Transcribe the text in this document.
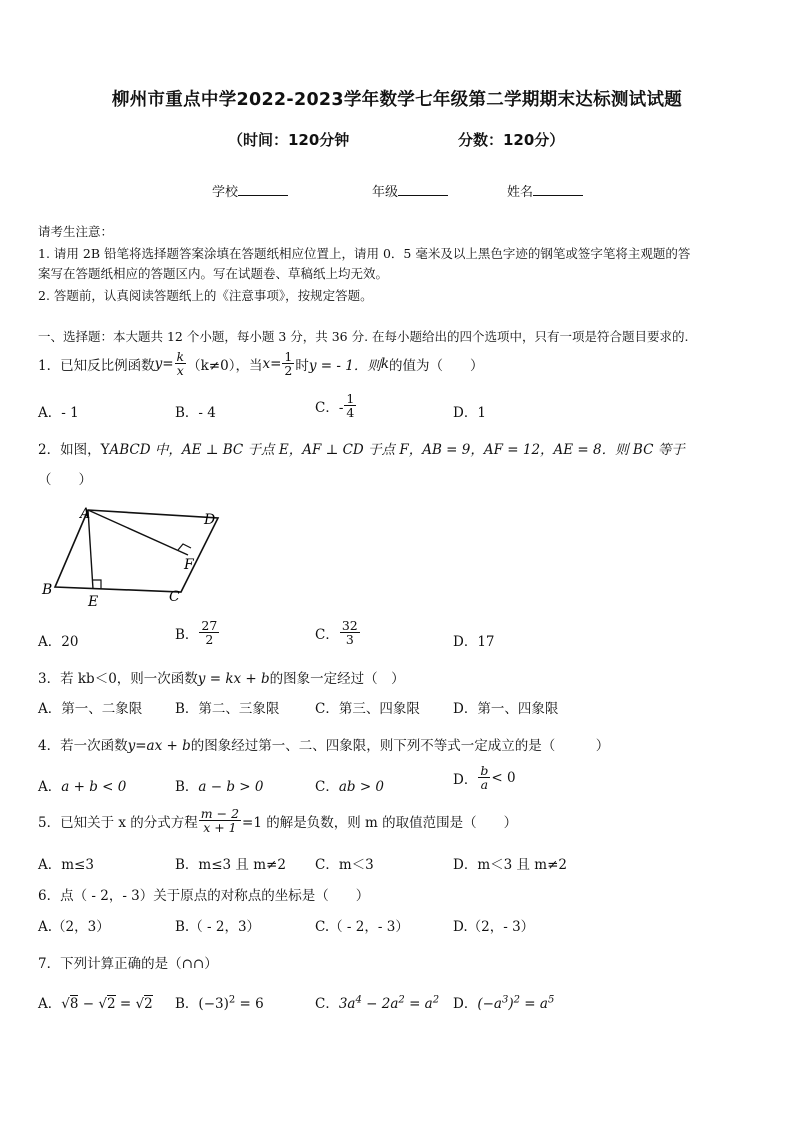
柳州市重点中学2022-2023学年数学七年级第二学期期末达标测试试题
（时间：120分钟	分数：120分）
学校	年级	姓名
请考生注意：
1. 请用 2B 铅笔将选择题答案涂填在答题纸相应位置上，请用 0．5 毫米及以上黑色字迹的钢笔或签字笔将主观题的答
案写在答题纸相应的答题区内。写在试题卷、草稿纸上均无效。
2. 答题前，认真阅读答题纸上的《注意事项》，按规定答题。
一、选择题：本大题共 12 个小题，每小题 3 分，共 36 分. 在每小题给出的四个选项中，只有一项是符合题目要求的.
1．已知反比例函数 $y = \frac{k}{x} (k\ne 0)$，当 $x = \frac{1}{2}$ 时 y = - 1．则 k 的值为（　　）
A．- 1	B．- 4	C．- $\frac{1}{4}$	D．1
2．如图，YABCD 中，AE ⊥ BC 于点 E，AF ⊥ CD 于点 F，AB = 9，AF = 12，AE = 8．则 BC 等于
（　　）
A	D
B
E	C
F
A．20	B． $\frac{27}{2}$	C． $\frac{32}{3}$	D．17
3．若 kb＜0，则一次函数y = kx + b的图象一定经过（　）
A．第一、二象限 B．第二、三象限	C．第三、四象限 D．第一、四象限
4．若一次函数y=ax + b的图象经过第一、二、四象限，则下列不等式一定成立的是（　　　）
A．a + b < 0	B．a − b > 0	C．ab > 0	D． $\frac{b}{a} < 0$
5．已知关于 x 的分式方程 $\frac{m - 2}{x + 1} =1$ 的解是负数，则 m 的取值范围是（　　）
A．m≤3	B．m≤3 且 m≠2 C．m＜3	D．m＜3 且 m≠2
6．点（ - 2，- 3）关于原点的对称点的坐标是（　　）
A.（2，3）	B.（ - 2，3）	C.（ - 2，- 3）	D.（2，- 3）
7．下列计算正确的是（∩∩）
A．√8 − √2 = √2 B．$(-3)^2 = 6$	C．$3a^4 - 2a^2 = a^2$ D．$(-a^3)^2 = a^5$
